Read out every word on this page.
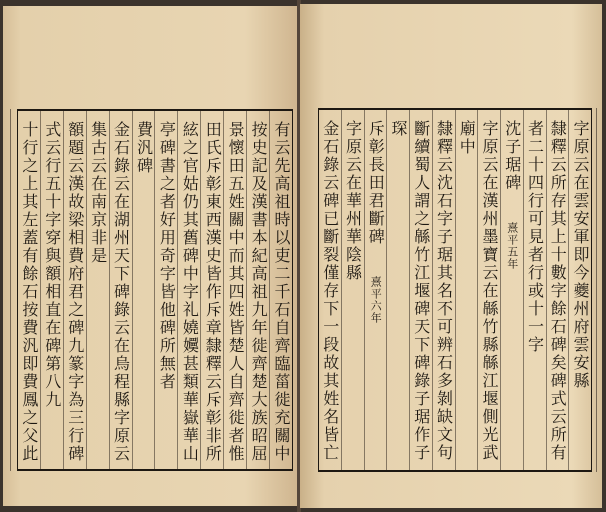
有云先高祖時以吏二千石自齊臨菑徙充關中
按史記及漢書本紀高祖九年徙齊楚大族昭屈
景懷田五姓關中而其四姓皆楚人自齊徙者惟
田氏斥彰東西漢史皆作斥章隸釋云斥彰非所
絃之官姑仍其舊碑中字礼嬈嬽甚類華嶽華山
亭碑書之者好用奇字皆他碑所無者
費汎碑
金石錄云在湖州天下碑錄云在烏程縣字原云
集古云在南京非是
額題云漢故梁相費府君之碑九篆字為三行碑
式云行五十字穿與額相直在碑第八九
十行之上其左蓋有餘石按費汎即費鳳之父此	字原云在雲安軍即今夔州府雲安縣
隸釋云所存其上十數字餘石碑矣碑式云所有
者二十四行可見者行或十一字
沈子琚碑熹平五年
字原云在漢州墨寶云在緜竹縣緜江堰側光武
廟中
隸釋云沈石字子琚其名不可辨石多剝缺文句
斷續蜀人謂之緜竹江堰碑天下碑錄子琚作子
琛
斥彰長田君斷碑熹平六年
字原云在華州華陰縣
金石錄云碑已斷裂僅存下一段故其姓名皆亡
